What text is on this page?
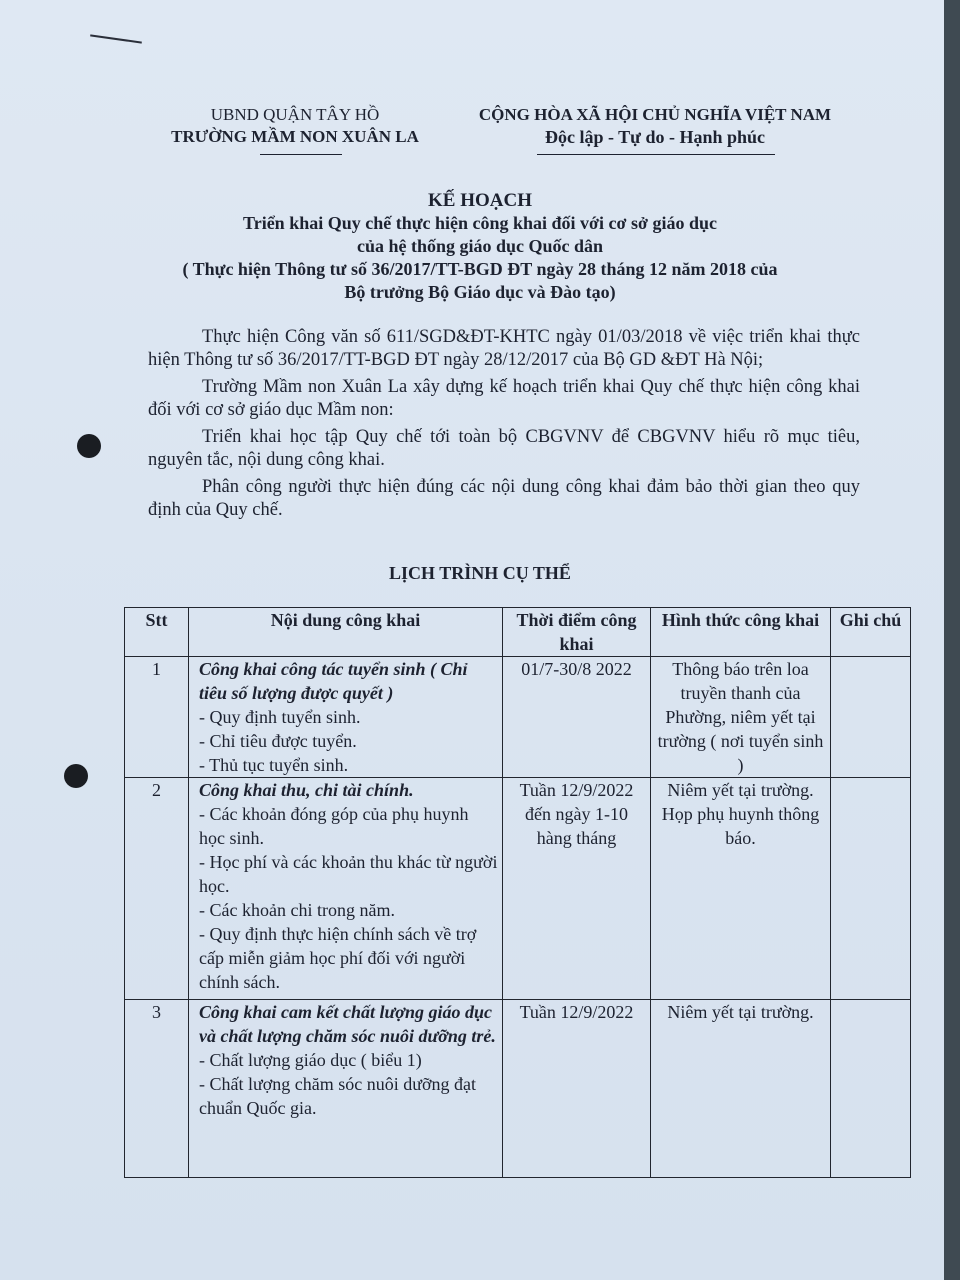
UBND QUẬN TÂY HỒ
TRƯỜNG MẦM NON XUÂN LA
CỘNG HÒA XÃ HỘI CHỦ NGHĨA VIỆT NAM
Độc lập - Tự do - Hạnh phúc
KẾ HOẠCH
Triển khai Quy chế thực hiện công khai đối với cơ sở giáo dục
của hệ thống giáo dục Quốc dân
( Thực hiện Thông tư số 36/2017/TT-BGD ĐT ngày 28 tháng 12 năm 2018 của
Bộ trưởng Bộ Giáo dục và Đào tạo)

Thực hiện Công văn số 611/SGD&ĐT-KHTC ngày 01/03/2018 về việc triển khai thực hiện Thông tư số 36/2017/TT-BGD ĐT ngày 28/12/2017 của Bộ GD &ĐT Hà Nội;

Trường Mầm non Xuân La xây dựng kế hoạch triển khai Quy chế thực hiện công khai đối với cơ sở giáo dục Mầm non:

Triển khai học tập Quy chế tới toàn bộ CBGVNV để CBGVNV hiểu rõ mục tiêu, nguyên tắc, nội dung công khai.

Phân công người thực hiện đúng các nội dung công khai đảm bảo thời gian theo quy định của Quy chế.

LỊCH TRÌNH CỤ THỂ
Stt	Nội dung công khai	Thời điểm công khai	Hình thức công khai	Ghi chú
1	Công khai công tác tuyển sinh ( Chỉ tiêu số lượng được quyết )
- Quy định tuyển sinh.
- Chỉ tiêu được tuyển.
- Thủ tục tuyển sinh.	01/7-30/8 2022	Thông báo trên loa truyền thanh của Phường, niêm yết tại trường ( nơi tuyển sinh )	
2	Công khai thu, chi tài chính.
- Các khoản đóng góp của phụ huynh học sinh.
- Học phí và các khoản thu khác từ người học.
- Các khoản chi trong năm.
- Quy định thực hiện chính sách về trợ cấp miễn giảm học phí đối với người chính sách.	Tuần 12/9/2022 đến ngày 1-10 hàng tháng	Niêm yết tại trường. Họp phụ huynh thông báo.	
3	Công khai cam kết chất lượng giáo dục và chất lượng chăm sóc nuôi dưỡng trẻ.
- Chất lượng giáo dục ( biểu 1)
- Chất lượng chăm sóc nuôi dưỡng đạt chuẩn Quốc gia.	Tuần 12/9/2022	Niêm yết tại trường.	
